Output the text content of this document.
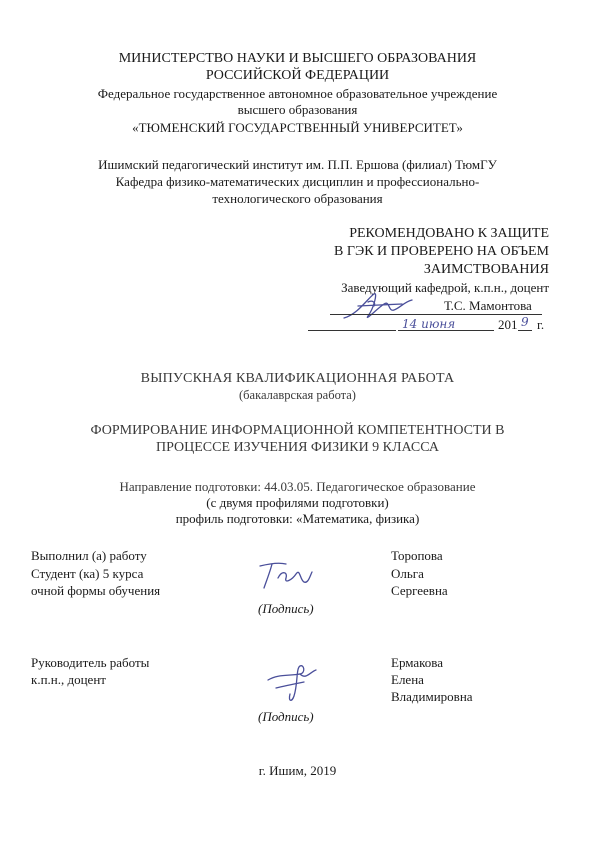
МИНИСТЕРСТВО НАУКИ И ВЫСШЕГО ОБРАЗОВАНИЯ
РОССИЙСКОЙ ФЕДЕРАЦИИ
Федеральное государственное автономное образовательное учреждение
высшего образования
«ТЮМЕНСКИЙ ГОСУДАРСТВЕННЫЙ УНИВЕРСИТЕТ»
Ишимский педагогический институт им. П.П. Ершова (филиал) ТюмГУ
Кафедра физико-математических дисциплин и профессионально-
технологического образования
РЕКОМЕНДОВАНО К ЗАЩИТЕ
В ГЭК И ПРОВЕРЕНО НА ОБЪЕМ
ЗАИМСТВОВАНИЯ
Заведующий кафедрой, к.п.н., доцент
Т.С. Мамонтова
14 июня	201 9 г.
ВЫПУСКНАЯ КВАЛИФИКАЦИОННАЯ РАБОТА
(бакалаврская работа)
ФОРМИРОВАНИЕ ИНФОРМАЦИОННОЙ КОМПЕТЕНТНОСТИ В
ПРОЦЕССЕ ИЗУЧЕНИЯ ФИЗИКИ 9 КЛАССА
Направление подготовки: 44.03.05. Педагогическое образование
(с двумя профилями подготовки)
профиль подготовки: «Математика, физика)
Выполнил (а) работу
Студент (ка) 5 курса
очной формы обучения
(Подпись)
Торопова
Ольга
Сергеевна
Руководитель работы
к.п.н., доцент
(Подпись)
Ермакова
Елена
Владимировна
г. Ишим, 2019
